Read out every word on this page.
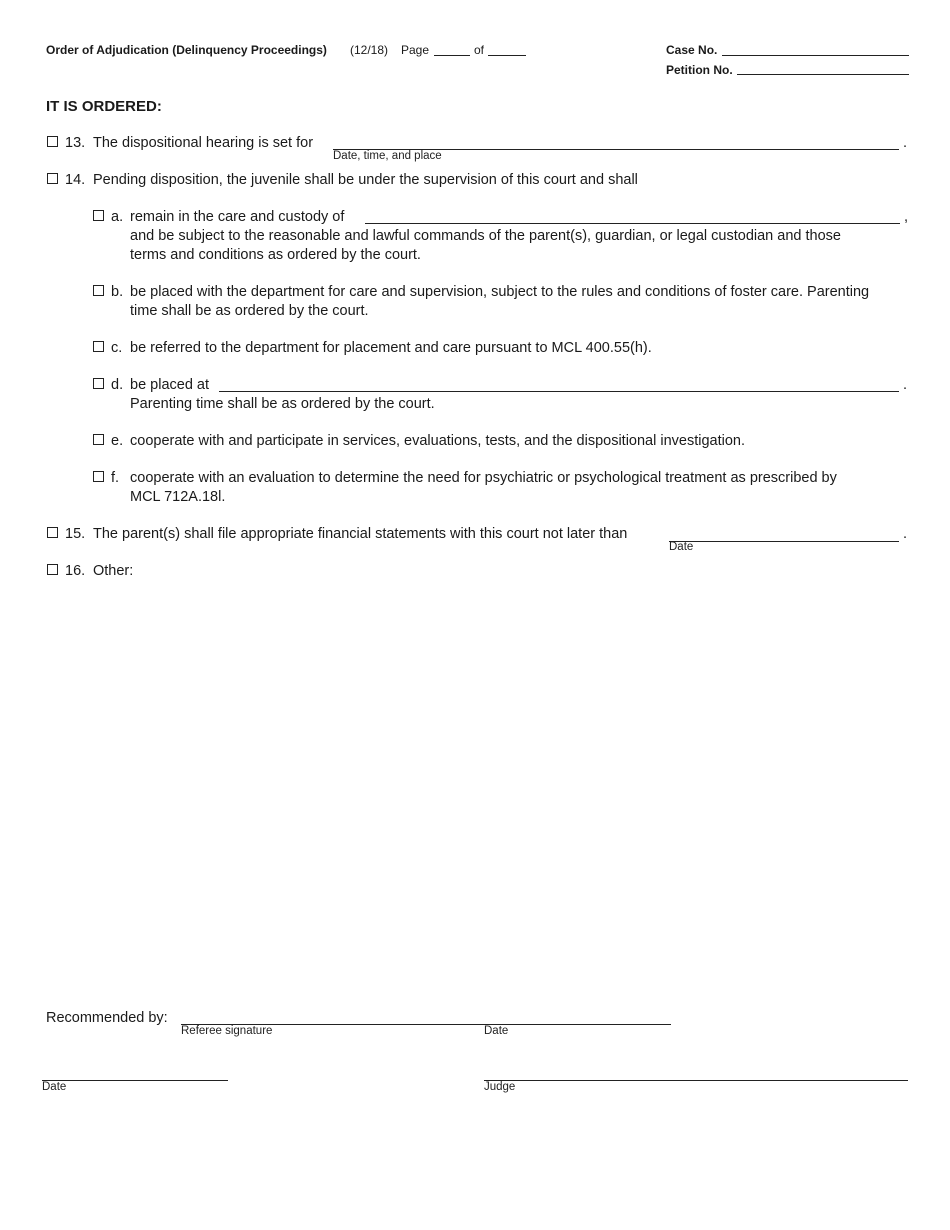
Order of Adjudication (Delinquency Proceedings) (12/18) Page	of	Case No.
Petition No.
IT IS ORDERED:
13. The dispositional hearing is set for	.
Date, time, and place
14. Pending disposition, the juvenile shall be under the supervision of this court and shall
a. remain in the care and custody of	,
and be subject to the reasonable and lawful commands of the parent(s), guardian, or legal custodian and those
terms and conditions as ordered by the court.
b. be placed with the department for care and supervision, subject to the rules and conditions of foster care. Parenting
time shall be as ordered by the court.
c. be referred to the department for placement and care pursuant to MCL 400.55(h).
d. be placed at	.
Parenting time shall be as ordered by the court.
e. cooperate with and participate in services, evaluations, tests, and the dispositional investigation.
f. cooperate with an evaluation to determine the need for psychiatric or psychological treatment as prescribed by
MCL 712A.18l.
15. The parent(s) shall file appropriate financial statements with this court not later than	.
Date
16. Other:
Recommended by:
Referee signature	Date
Date	Judge
